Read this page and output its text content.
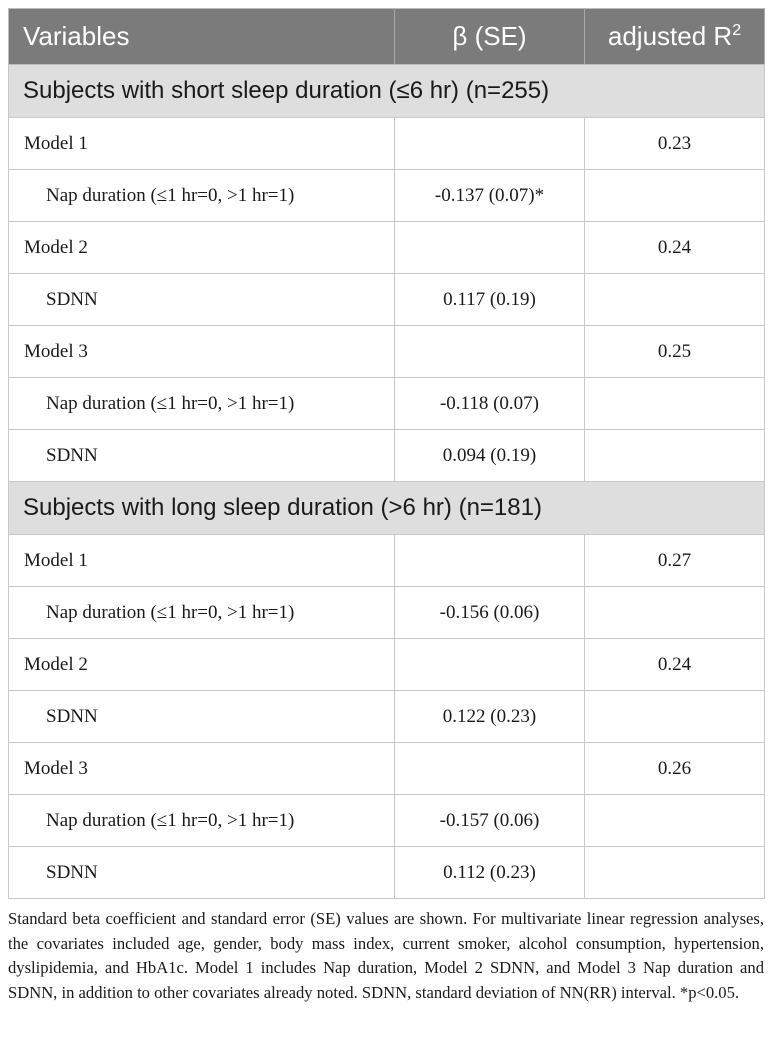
Variables	β (SE)	adjusted $R^2$
Subjects with short sleep duration (≤6 hr) (n=255)		
Model 1		0.23
Nap duration (≤1 hr=0, >1 hr=1)	-0.137 (0.07)*	
Model 2		0.24
SDNN	0.117 (0.19)	
Model 3		0.25
Nap duration (≤1 hr=0, >1 hr=1)	-0.118 (0.07)	
SDNN	0.094 (0.19)	
Subjects with long sleep duration (>6 hr) (n=181)		
Model 1		0.27
Nap duration (≤1 hr=0, >1 hr=1)	-0.156 (0.06)	
Model 2		0.24
SDNN	0.122 (0.23)	
Model 3		0.26
Nap duration (≤1 hr=0, >1 hr=1)	-0.157 (0.06)	
SDNN	0.112 (0.23)	

Standard beta coefficient and standard error (SE) values are shown. For multivariate linear regression analyses, the covariates included age, gender, body mass index, current smoker, alcohol consumption, hypertension, dyslipidemia, and HbA1c. Model 1 includes Nap duration, Model 2 SDNN, and Model 3 Nap duration and SDNN, in addition to other covariates already noted. SDNN, standard deviation of NN(RR) interval. *p<0.05.
